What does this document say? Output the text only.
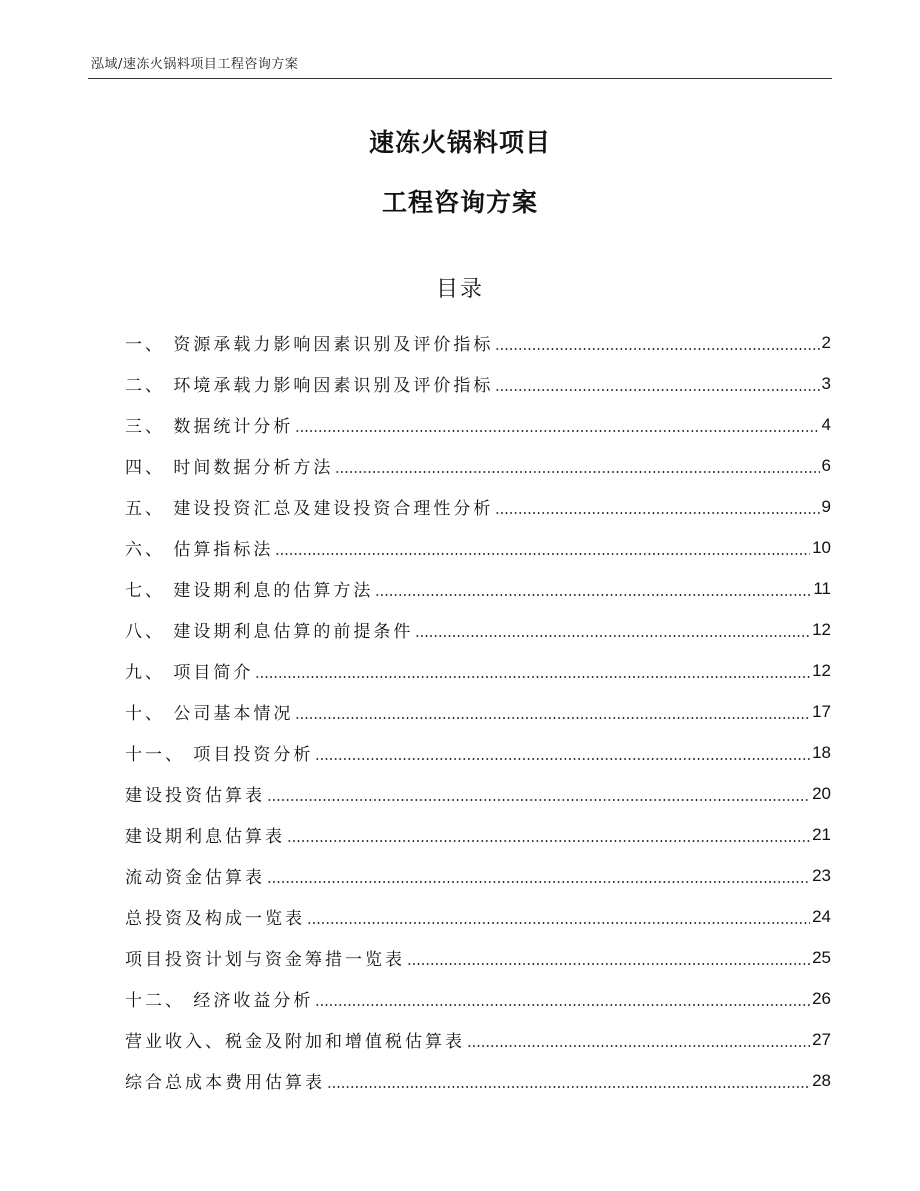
泓域/速冻火锅料项目工程咨询方案
速冻火锅料项目
工程咨询方案
目录
一、 资源承载力影响因素识别及评价指标	2
二、 环境承载力影响因素识别及评价指标	3
三、 数据统计分析	4
四、 时间数据分析方法	6
五、 建设投资汇总及建设投资合理性分析	9
六、 估算指标法	10
七、 建设期利息的估算方法	11
八、 建设期利息估算的前提条件	12
九、 项目简介	12
十、 公司基本情况	17
十一、 项目投资分析	18
建设投资估算表	20
建设期利息估算表	21
流动资金估算表	23
总投资及构成一览表	24
项目投资计划与资金筹措一览表	25
十二、 经济收益分析	26
营业收入、税金及附加和增值税估算表	27
综合总成本费用估算表	28
